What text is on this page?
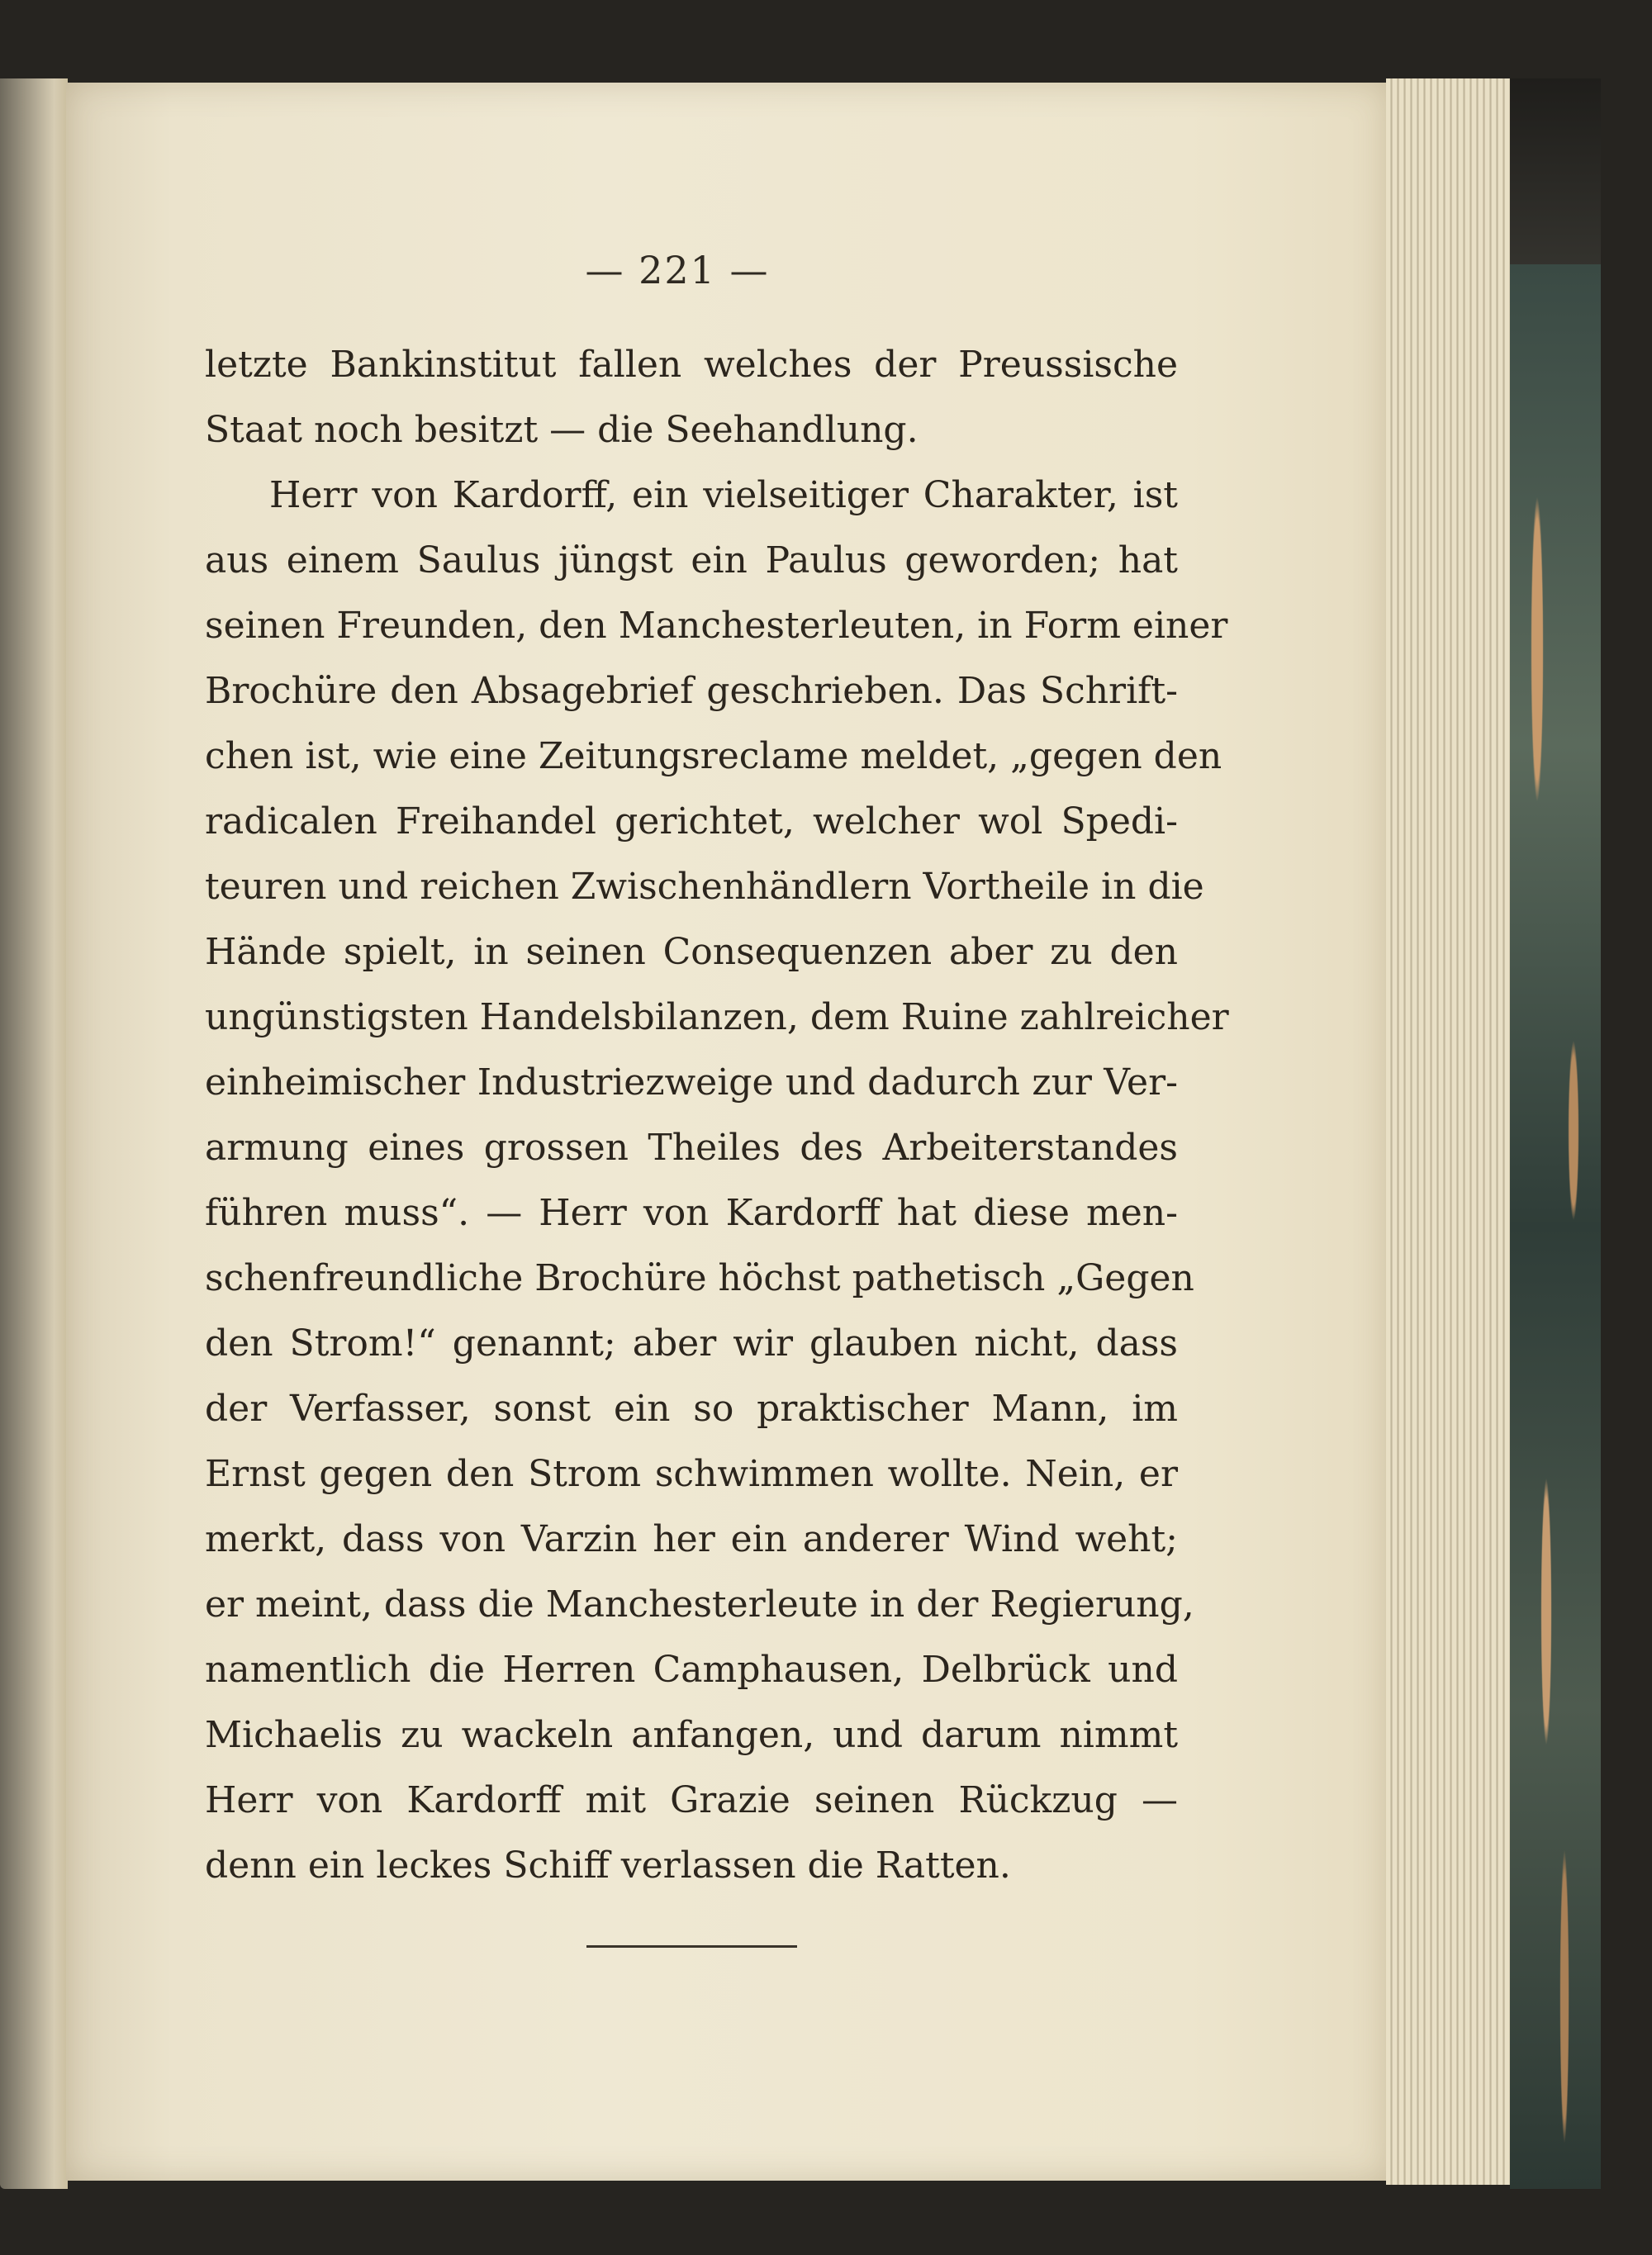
— 221 —
letzte Bankinstitut fallen welches der Preussische
Staat noch besitzt — die Seehandlung.
Herr von Kardorff, ein vielseitiger Charakter, ist
aus einem Saulus jüngst ein Paulus geworden; hat
seinen Freunden, den Manchesterleuten, in Form einer
Brochüre den Absagebrief geschrieben. Das Schrift-
chen ist, wie eine Zeitungsreclame meldet, „gegen den
radicalen Freihandel gerichtet, welcher wol Spedi-
teuren und reichen Zwischenhändlern Vortheile in die
Hände spielt, in seinen Consequenzen aber zu den
ungünstigsten Handelsbilanzen, dem Ruine zahlreicher
einheimischer Industriezweige und dadurch zur Ver-
armung eines grossen Theiles des Arbeiterstandes
führen muss“. — Herr von Kardorff hat diese men-
schenfreundliche Brochüre höchst pathetisch „Gegen
den Strom!“ genannt; aber wir glauben nicht, dass
der Verfasser, sonst ein so praktischer Mann, im
Ernst gegen den Strom schwimmen wollte. Nein, er
merkt, dass von Varzin her ein anderer Wind weht;
er meint, dass die Manchesterleute in der Regierung,
namentlich die Herren Camphausen, Delbrück und
Michaelis zu wackeln anfangen, und darum nimmt
Herr von Kardorff mit Grazie seinen Rückzug —
denn ein leckes Schiff verlassen die Ratten.
